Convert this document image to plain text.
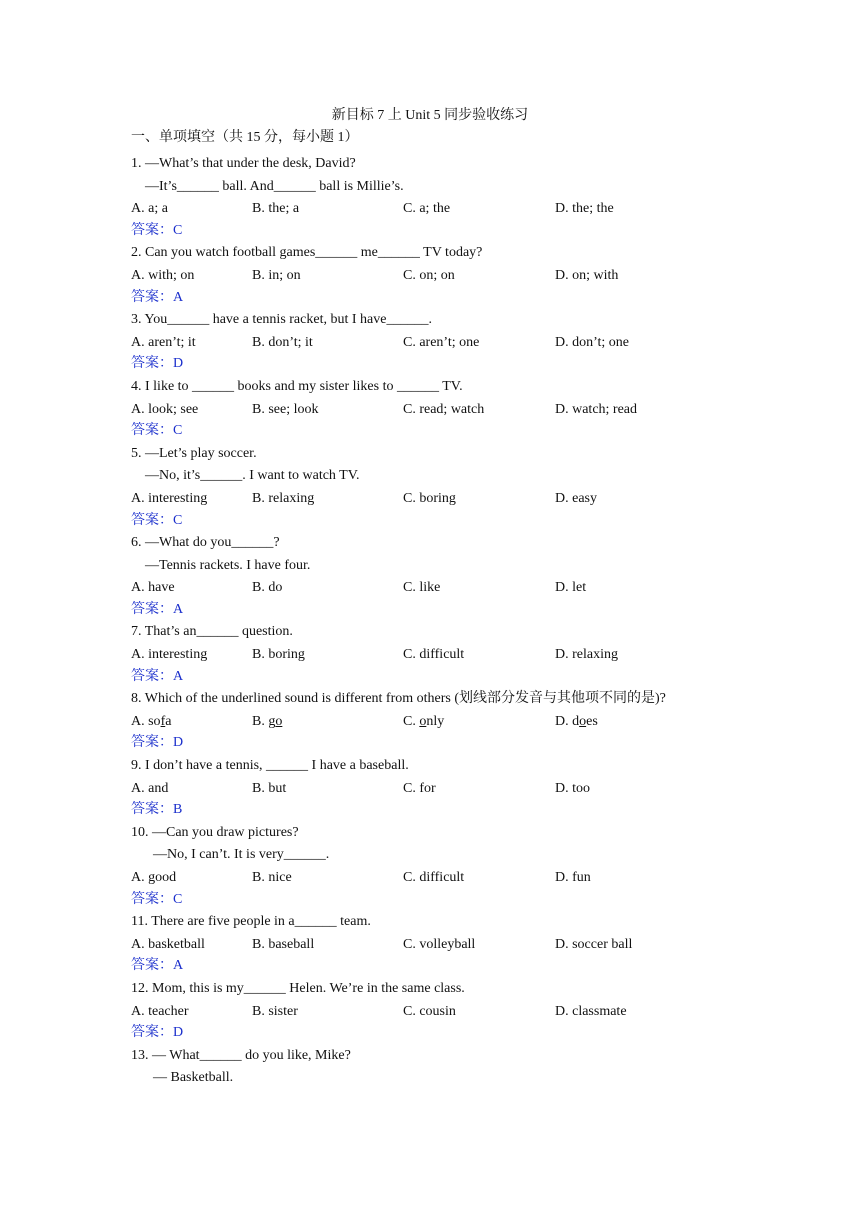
新目标 7 上 Unit 5 同步验收练习
一、单项填空（共 15 分，每小题 1）
1. —What’s that under the desk, David?
—It’s______ ball. And______ ball is Millie’s.
A. a; a	B. the; a	C. a; the	D. the; the
答案：C
2. Can you watch football games______ me______ TV today?
A. with; on	B. in; on	C. on; on	D. on; with
答案：A
3. You______ have a tennis racket, but I have______.
A. aren’t; it	B. don’t; it	C. aren’t; one	D. don’t; one
答案：D
4. I like to ______ books and my sister likes to ______ TV.
A. look; see	B. see; look	C. read; watch	D. watch; read
答案：C
5. —Let’s play soccer.
—No, it’s______. I want to watch TV.
A. interesting	B. relaxing	C. boring	D. easy
答案：C
6. —What do you______?
—Tennis rackets. I have four.
A. have	B. do	C. like	D. let
答案：A
7. That’s an______ question.
A. interesting	B. boring	C. difficult	D. relaxing
答案：A
8. Which of the underlined sound is different from others (划线部分发音与其他项不同的是)?
A. sofa	B. go	C. only	D. does
答案：D
9. I don’t have a tennis, ______ I have a baseball.
A. and	B. but	C. for	D. too
答案：B
10. —Can you draw pictures?
—No, I can’t. It is very______.
A. good	B. nice	C. difficult	D. fun
答案：C
11. There are five people in a______ team.
A. basketball	B. baseball	C. volleyball	D. soccer ball
答案：A
12. Mom, this is my______ Helen. We’re in the same class.
A. teacher	B. sister	C. cousin	D. classmate
答案：D
13. — What______ do you like, Mike?
— Basketball.
